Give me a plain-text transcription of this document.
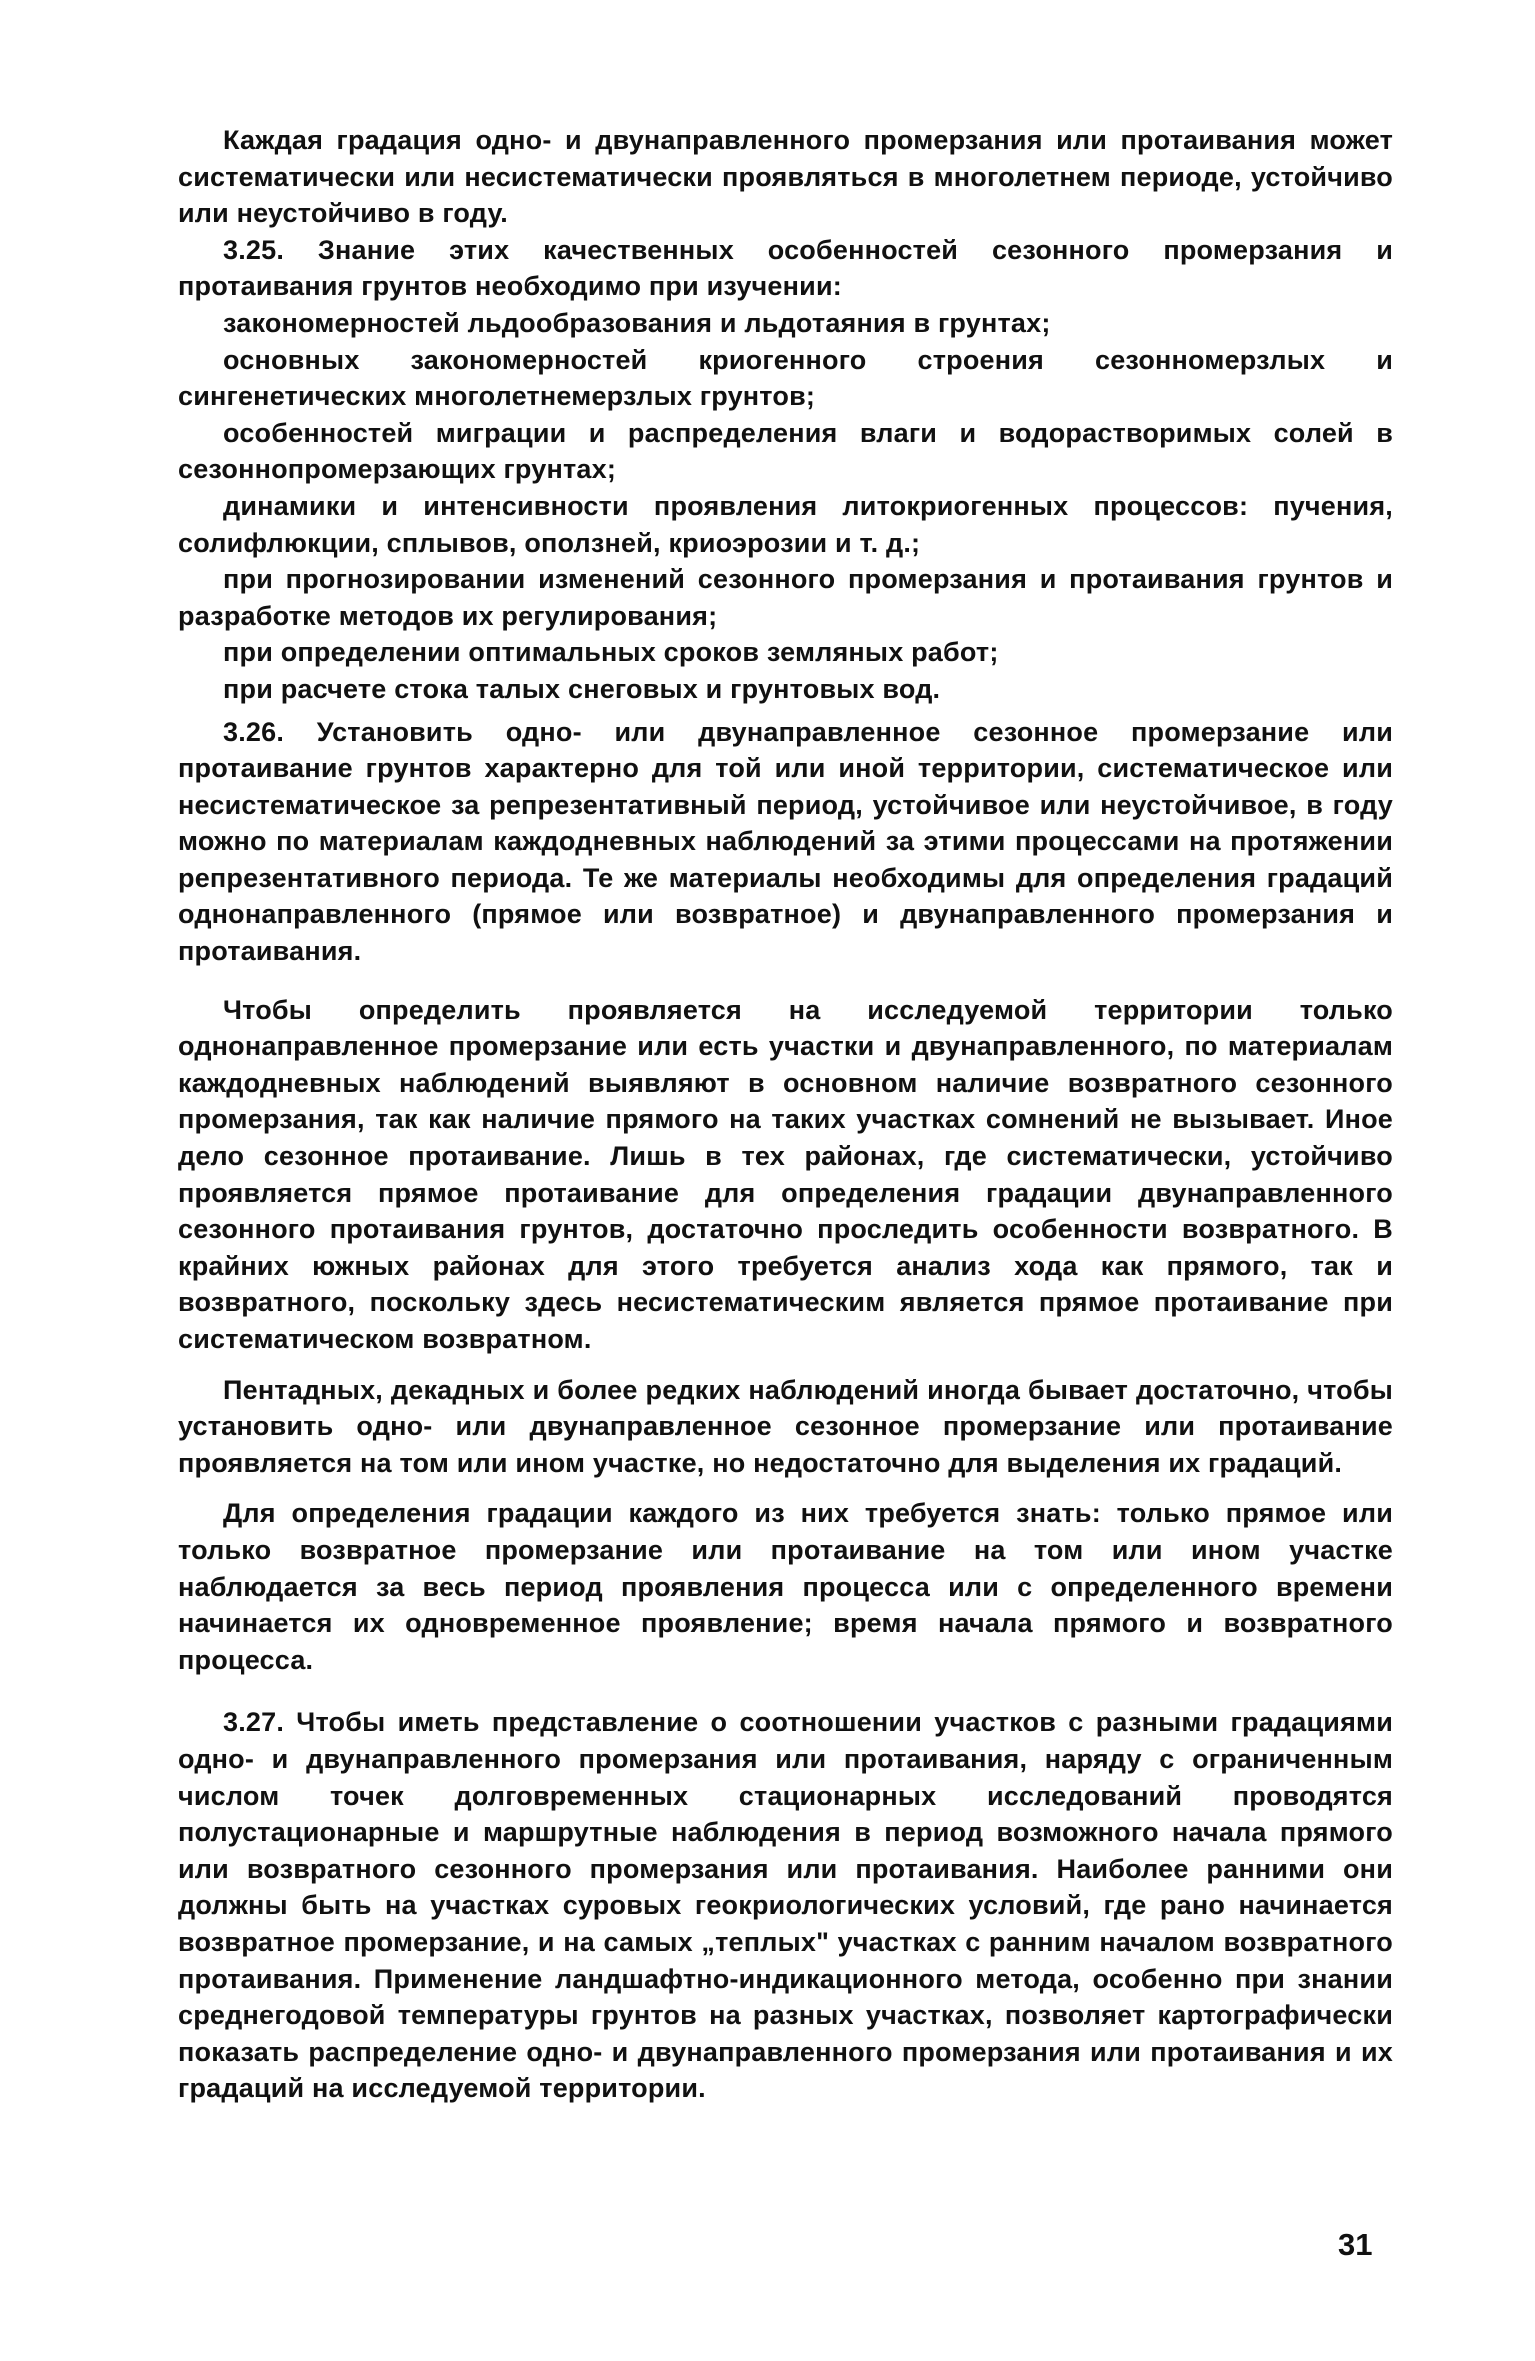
Каждая градация одно- и двунаправленного промерзания или протаивания может систематически или несистематически проявляться в многолетнем периоде, устойчиво или неустойчиво в году.

3.25. Знание этих качественных особенностей сезонного промерзания и протаивания грунтов необходимо при изучении:

закономерностей льдообразования и льдотаяния в грунтах;

основных закономерностей криогенного строения сезонномерзлых и сингенетических многолетнемерзлых грунтов;

особенностей миграции и распределения влаги и водорастворимых солей в сезоннопромерзающих грунтах;

динамики и интенсивности проявления литокриогенных процессов: пучения, солифлюкции, сплывов, оползней, криоэрозии и т. д.;

при прогнозировании изменений сезонного промерзания и протаивания грунтов и разработке методов их регулирования;

при определении оптимальных сроков земляных работ;

при расчете стока талых снеговых и грунтовых вод.

3.26. Установить одно- или двунаправленное сезонное промерзание или протаивание грунтов характерно для той или иной территории, систематическое или несистематическое за репрезентативный период, устойчивое или неустойчивое, в году можно по материалам каждодневных наблюдений за этими процессами на протяжении репрезентативного периода. Те же материалы необходимы для определения градаций однонаправленного (прямое или возвратное) и двунаправленного промерзания и протаивания.

Чтобы определить проявляется на исследуемой территории только однонаправленное промерзание или есть участки и двунаправленного, по материалам каждодневных наблюдений выявляют в основном наличие возвратного сезонного промерзания, так как наличие прямого на таких участках сомнений не вызывает. Иное дело сезонное протаивание. Лишь в тех районах, где систематически, устойчиво проявляется прямое протаивание для определения градации двунаправленного сезонного протаивания грунтов, достаточно проследить особенности возвратного. В крайних южных районах для этого требуется анализ хода как прямого, так и возвратного, поскольку здесь несистематическим является прямое протаивание при систематическом возвратном.

Пентадных, декадных и более редких наблюдений иногда бывает достаточно, чтобы установить одно- или двунаправленное сезонное промерзание или протаивание проявляется на том или ином участке, но недостаточно для выделения их градаций.

Для определения градации каждого из них требуется знать: только прямое или только возвратное промерзание или протаивание на том или ином участке наблюдается за весь период проявления процесса или с определенного времени начинается их одновременное проявление; время начала прямого и возвратного процесса.

3.27. Чтобы иметь представление о соотношении участков с разными градациями одно- и двунаправленного промерзания или протаивания, наряду с ограниченным числом точек долговременных стационарных исследований проводятся полустационарные и маршрутные наблюдения в период возможного начала прямого или возвратного сезонного промерзания или протаивания. Наиболее ранними они должны быть на участках суровых геокриологических условий, где рано начинается возвратное промерзание, и на самых „теплых" участках с ранним началом возвратного протаивания. Применение ландшафтно-индикационного метода, особенно при знании среднегодовой температуры грунтов на разных участках, позволяет картографически показать распределение одно- и двунаправленного промерзания или протаивания и их градаций на исследуемой территории.

31
